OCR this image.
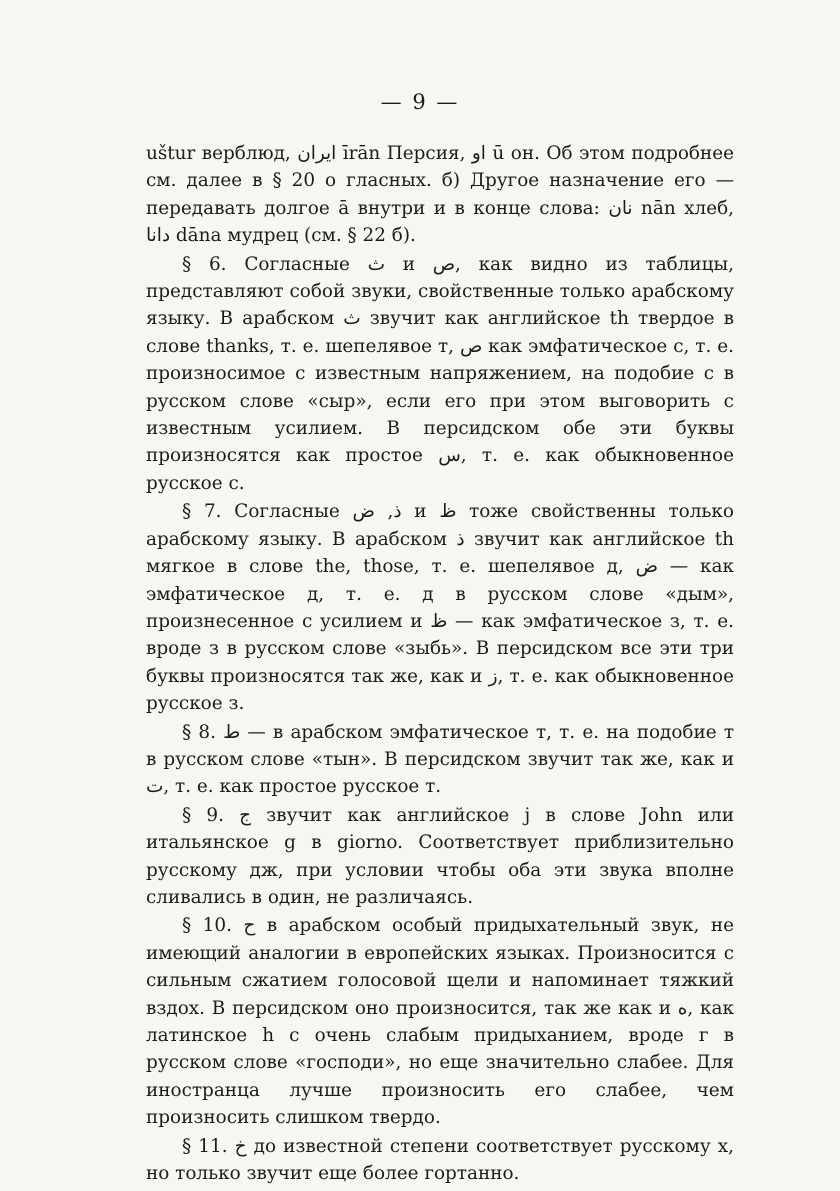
— 9 —

uštur верблюд, ایران īrān Персия, او ū он. Об этом подробнее см. далее в § 20 о гласных. б) Другое назначение его — передавать долгое ā внутри и в конце слова: نان nān хлеб, دانا dāna мудрец (см. § 22 б).

§ 6. Согласные ث и ص, как видно из таблицы, представляют собой звуки, свойственные только арабскому языку. В арабском ث звучит как английское th твердое в слове thanks, т. е. шепелявое т, ص как эмфатическое с, т. е. произносимое с известным напряжением, на подобие с в русском слове «сыр», если его при этом выговорить с известным усилием. В персидском обе эти буквы произносятся как простое س, т. е. как обыкновенное русское с.

§ 7. Согласные ذ, ض и ظ тоже свойственны только арабскому языку. В арабском ذ звучит как английское th мягкое в слове the, those, т. е. шепелявое д, ض — как эмфатическое д, т. е. д в русском слове «дым», произнесенное с усилием и ظ — как эмфатическое з, т. е. вроде з в русском слове «зыбь». В персидском все эти три буквы произносятся так же, как и ز, т. е. как обыкновенное русское з.

§ 8. ط — в арабском эмфатическое т, т. е. на подобие т в русском слове «тын». В персидском звучит так же, как и ت, т. е. как простое русское т.

§ 9. ج звучит как английское j в слове John или итальянское g в giorno. Соответствует приблизительно русскому дж, при условии чтобы оба эти звука вполне сливались в один, не различаясь.

§ 10. ح в арабском особый придыхательный звук, не имеющий аналогии в европейских языках. Произносится с сильным сжатием голосовой щели и напоминает тяжкий вздох. В персидском оно произносится, так же как и ه, как латинское h с очень слабым придыханием, вроде г в русском слове «господи», но еще значительно слабее. Для иностранца лучше произносить его слабее, чем произносить слишком твердо.

§ 11. خ до известной степени соответствует русскому х, но только звучит еще более гортанно.
